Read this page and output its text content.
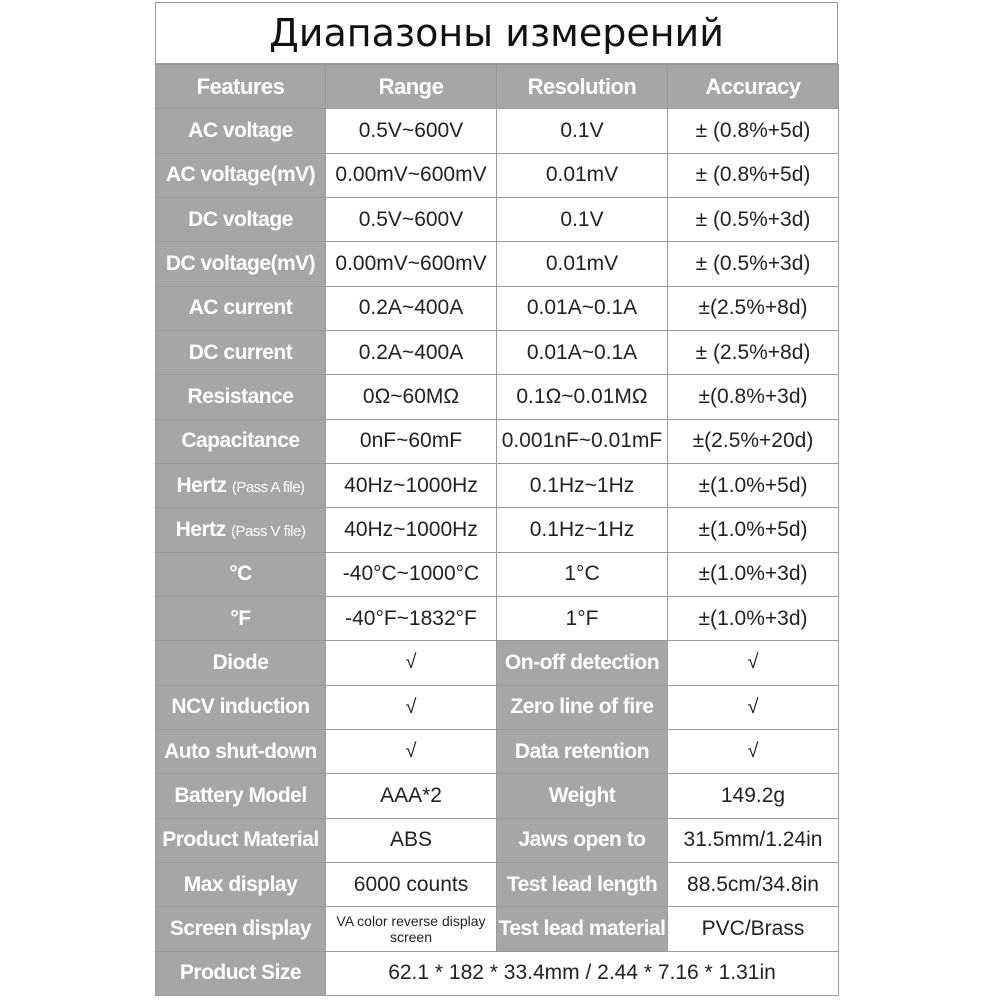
Диапазоны измерений
Features	Range	Resolution	Accuracy
AC voltage	0.5V~600V	0.1V	± (0.8%+5d)
AC voltage(mV)	0.00mV~600mV	0.01mV	± (0.8%+5d)
DC voltage	0.5V~600V	0.1V	± (0.5%+3d)
DC voltage(mV)	0.00mV~600mV	0.01mV	± (0.5%+3d)
AC current	0.2A~400A	0.01A~0.1A	±(2.5%+8d)
DC current	0.2A~400A	0.01A~0.1A	± (2.5%+8d)
Resistance	0Ω~60MΩ	0.1Ω~0.01MΩ	±(0.8%+3d)
Capacitance	0nF~60mF	0.001nF~0.01mF	±(2.5%+20d)
Hertz (Pass A file)	40Hz~1000Hz	0.1Hz~1Hz	±(1.0%+5d)
Hertz (Pass V file)	40Hz~1000Hz	0.1Hz~1Hz	±(1.0%+5d)
°C	-40°C~1000°C	1°C	±(1.0%+3d)
°F	-40°F~1832°F	1°F	±(1.0%+3d)
Diode	√	On-off detection	√
NCV induction	√	Zero line of fire	√
Auto shut-down	√	Data retention	√
Battery Model	AAA*2	Weight	149.2g
Product Material	ABS	Jaws open to	31.5mm/1.24in
Max display	6000 counts	Test lead length	88.5cm/34.8in
Screen display	VA color reverse display screen	Test lead material	PVC/Brass
Product Size	62.1 * 182 * 33.4mm / 2.44 * 7.16 * 1.31in		
